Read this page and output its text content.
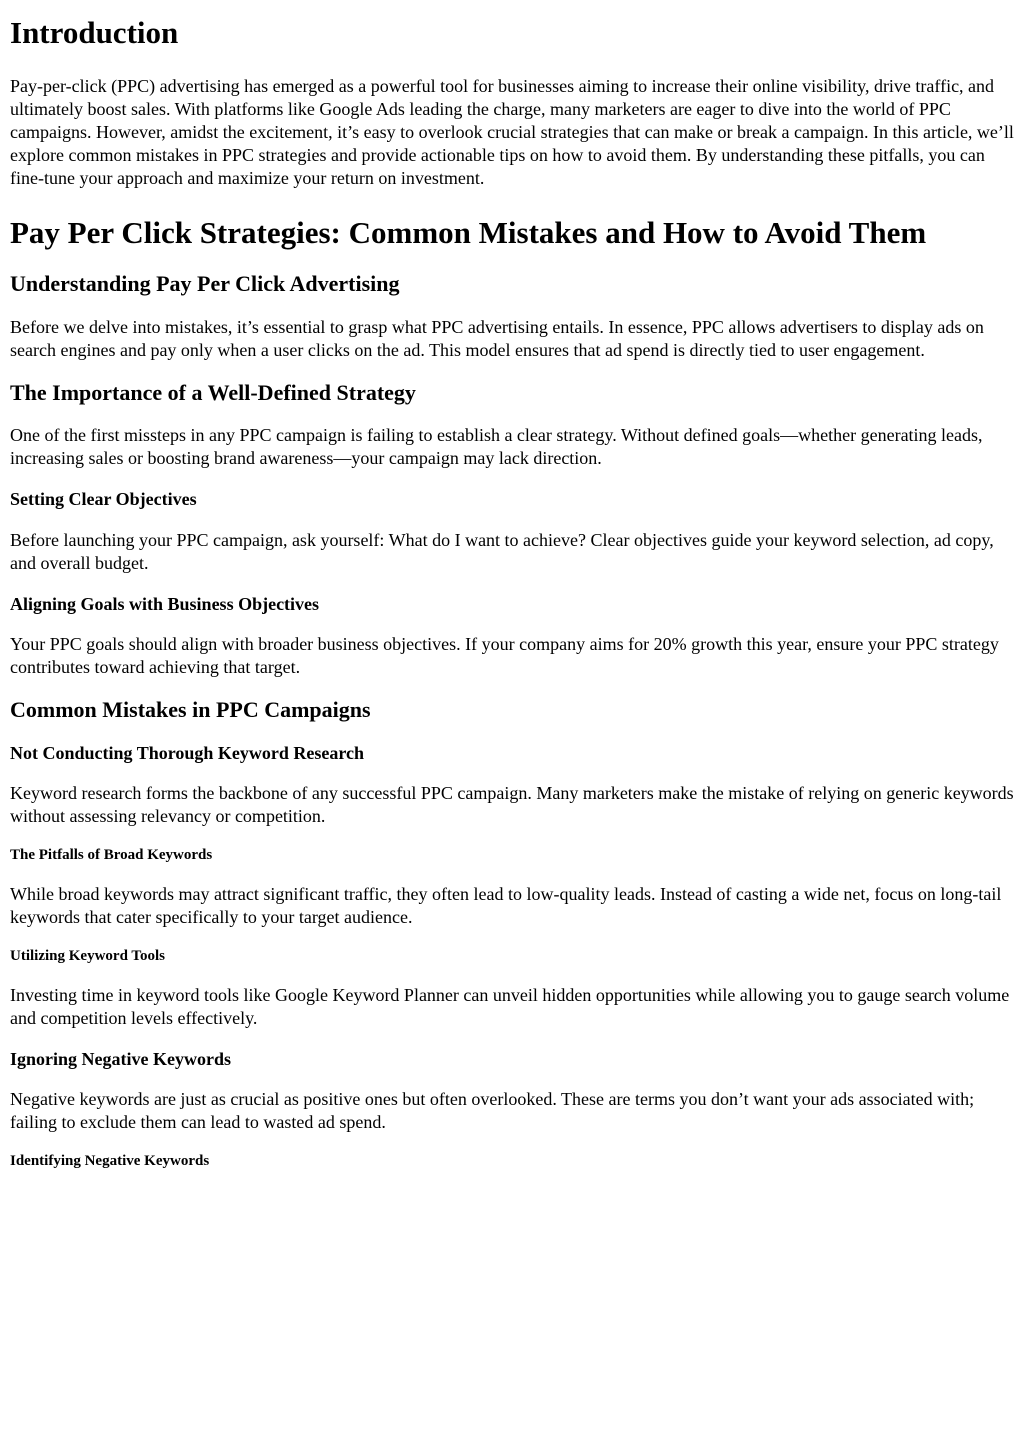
Introduction

Pay-per-click (PPC) advertising has emerged as a powerful tool for businesses aiming to increase their online visibility, drive traffic, and ultimately boost sales. With platforms like Google Ads leading the charge, many marketers are eager to dive into the world of PPC campaigns. However, amidst the excitement, it’s easy to overlook crucial strategies that can make or break a campaign. In this article, we’ll explore common mistakes in PPC strategies and provide actionable tips on how to avoid them. By understanding these pitfalls, you can fine-tune your approach and maximize your return on investment.

Pay Per Click Strategies: Common Mistakes and How to Avoid Them
Understanding Pay Per Click Advertising

Before we delve into mistakes, it’s essential to grasp what PPC advertising entails. In essence, PPC allows advertisers to display ads on search engines and pay only when a user clicks on the ad. This model ensures that ad spend is directly tied to user engagement.

The Importance of a Well-Defined Strategy

One of the first missteps in any PPC campaign is failing to establish a clear strategy. Without defined goals—whether generating leads, increasing sales or boosting brand awareness—your campaign may lack direction.

Setting Clear Objectives

Before launching your PPC campaign, ask yourself: What do I want to achieve? Clear objectives guide your keyword selection, ad copy, and overall budget.

Aligning Goals with Business Objectives

Your PPC goals should align with broader business objectives. If your company aims for 20% growth this year, ensure your PPC strategy contributes toward achieving that target.

Common Mistakes in PPC Campaigns
Not Conducting Thorough Keyword Research

Keyword research forms the backbone of any successful PPC campaign. Many marketers make the mistake of relying on generic keywords without assessing relevancy or competition.

The Pitfalls of Broad Keywords

While broad keywords may attract significant traffic, they often lead to low-quality leads. Instead of casting a wide net, focus on long-tail keywords that cater specifically to your target audience.

Utilizing Keyword Tools

Investing time in keyword tools like Google Keyword Planner can unveil hidden opportunities while allowing you to gauge search volume and competition levels effectively.

Ignoring Negative Keywords

Negative keywords are just as crucial as positive ones but often overlooked. These are terms you don’t want your ads associated with; failing to exclude them can lead to wasted ad spend.

Identifying Negative Keywords
